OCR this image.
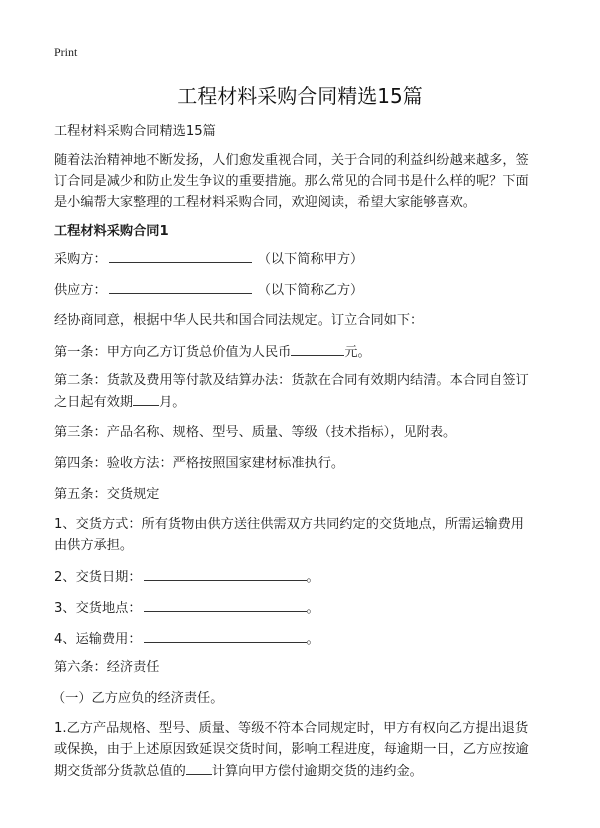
Print
工程材料采购合同精选15篇
工程材料采购合同精选15篇
随着法治精神地不断发扬，人们愈发重视合同，关于合同的利益纠纷越来越多，签
订合同是减少和防止发生争议的重要措施。那么常见的合同书是什么样的呢？下面
是小编帮大家整理的工程材料采购合同，欢迎阅读，希望大家能够喜欢。
工程材料采购合同1
采购方：	（以下简称甲方）
供应方：	（以下简称乙方）
经协商同意，根据中华人民共和国合同法规定。订立合同如下：
第一条：甲方向乙方订货总价值为人民币	元。
第二条：货款及费用等付款及结算办法：货款在合同有效期内结清。本合同自签订
之日起有效期 月。
第三条：产品名称、规格、型号、质量、等级（技术指标），见附表。
第四条：验收方法：严格按照国家建材标准执行。
第五条：交货规定
1、交货方式：所有货物由供方送往供需双方共同约定的交货地点，所需运输费用
由供方承担。
2、交货日期：	。
3、交货地点：	。
4、运输费用：	。
第六条：经济责任
（一）乙方应负的经济责任。
1.乙方产品规格、型号、质量、等级不符本合同规定时，甲方有权向乙方提出退货
或保换，由于上述原因致延误交货时间，影响工程进度，每逾期一日，乙方应按逾
期交货部分货款总值的 计算向甲方偿付逾期交货的违约金。
